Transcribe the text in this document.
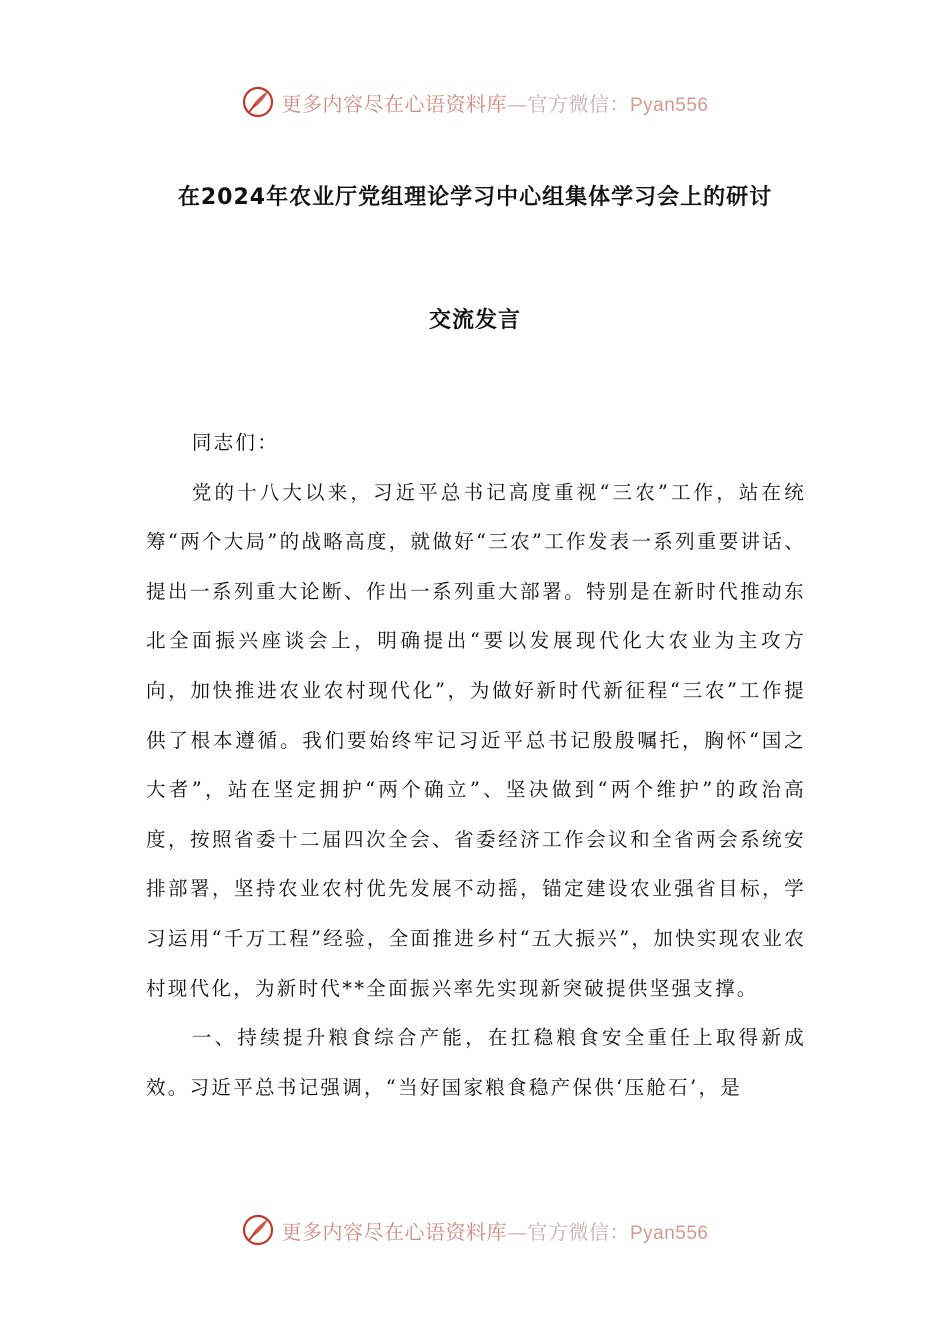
更多内容尽在心语资料库—官方微信：Pyan556
在2024年农业厅党组理论学习中心组集体学习会上的研讨
交流发言

同志们：

党的十八大以来，习近平总书记高度重视“三农”工作，站在统筹“两个大局”的战略高度，就做好“三农”工作发表一系列重要讲话、提出一系列重大论断、作出一系列重大部署。特别是在新时代推动东北全面振兴座谈会上，明确提出“要以发展现代化大农业为主攻方向，加快推进农业农村现代化”，为做好新时代新征程“三农”工作提供了根本遵循。我们要始终牢记习近平总书记殷殷嘱托，胸怀“国之大者”，站在坚定拥护“两个确立”、坚决做到“两个维护”的政治高度，按照省委十二届四次全会、省委经济工作会议和全省两会系统安排部署，坚持农业农村优先发展不动摇，锚定建设农业强省目标，学习运用“千万工程”经验，全面推进乡村“五大振兴”，加快实现农业农村现代化，为新时代**全面振兴率先实现新突破提供坚强支撑。

一、持续提升粮食综合产能，在扛稳粮食安全重任上取得新成效。习近平总书记强调，“当好国家粮食稳产保供‘压舱石’，是

更多内容尽在心语资料库—官方微信：Pyan556
